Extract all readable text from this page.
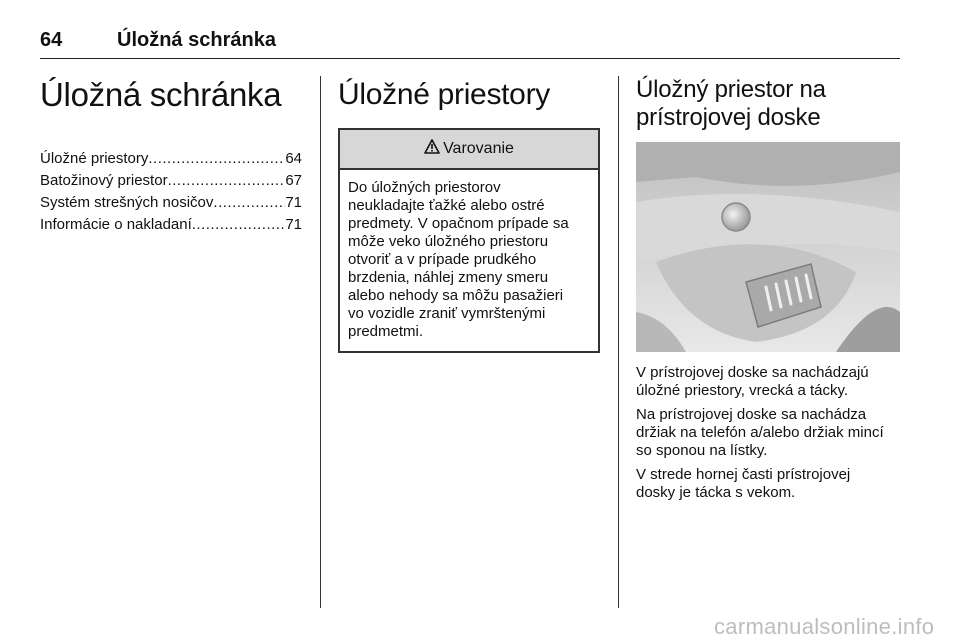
64	Úložná schránka
Úložná schránka
Úložné priestory .....	64
Batožinový priestor .....	67
Systém strešných nosičov .....	71
Informácie o nakladaní .....	71
Úložné priestory
Varovanie
Do úložných priestorov
neukladajte ťažké alebo ostré
predmety. V opačnom prípade sa
môže veko úložného priestoru
otvoriť a v prípade prudkého
brzdenia, náhlej zmeny smeru
alebo nehody sa môžu pasažieri
vo vozidle zraniť vymrštenými
predmetmi.
Úložný priestor na
prístrojovej doske

V prístrojovej doske sa nachádzajú
úložné priestory, vrecká a tácky.

Na prístrojovej doske sa nachádza
držiak na telefón a/alebo držiak mincí
so sponou na lístky.

V strede hornej časti prístrojovej
dosky je tácka s vekom.

carmanualsonline.info
